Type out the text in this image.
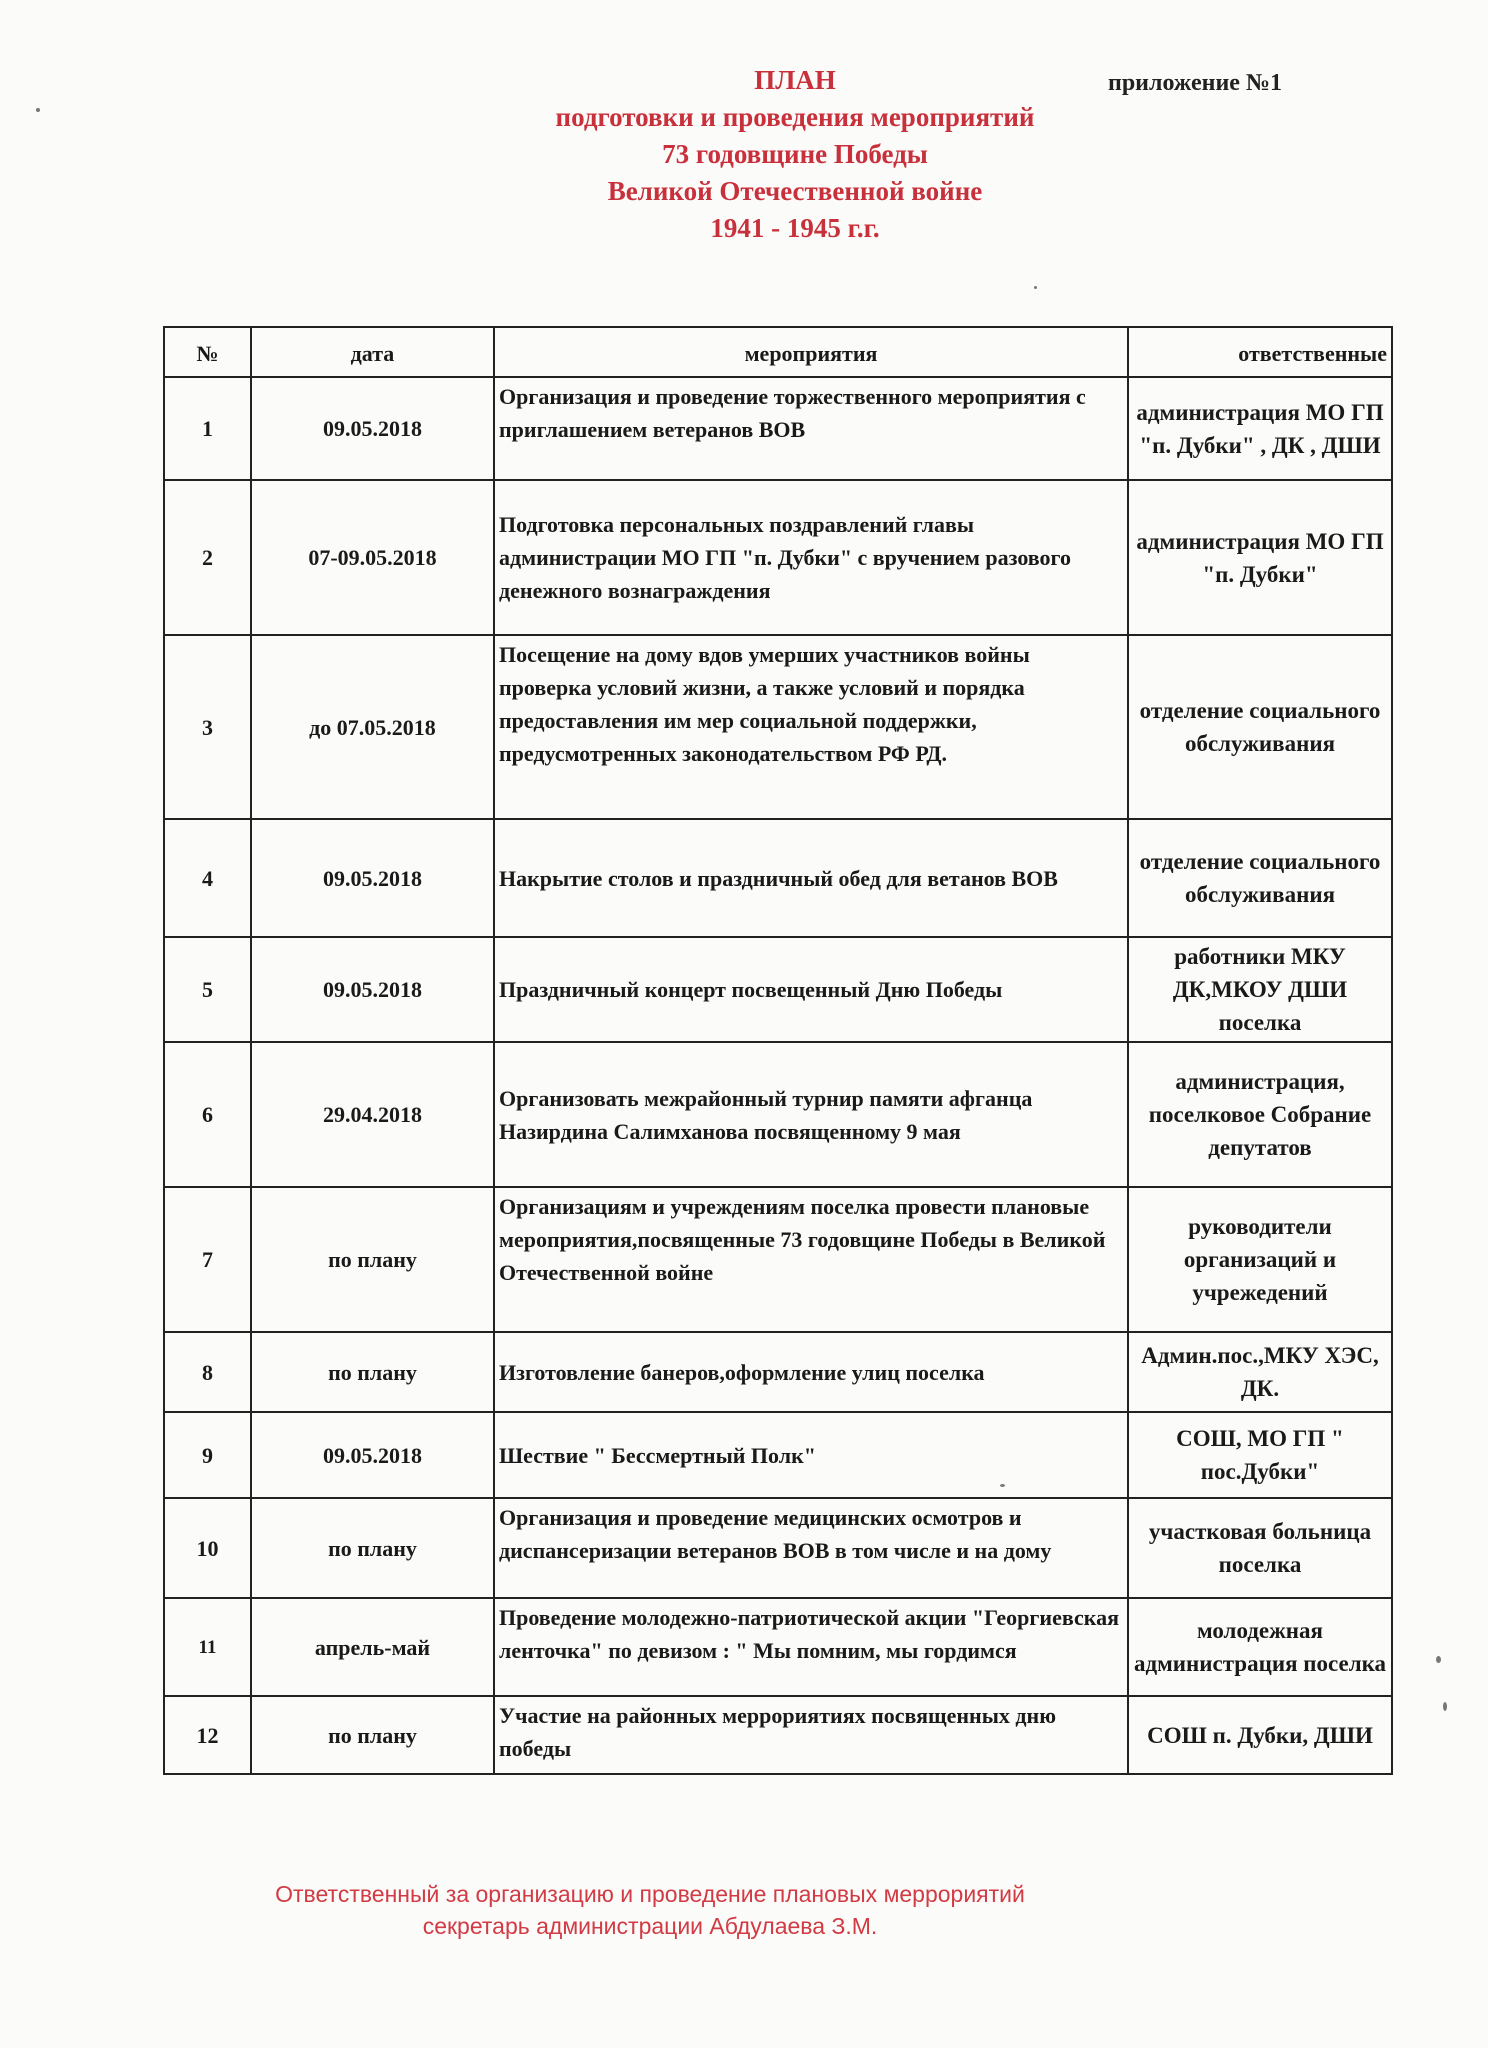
ПЛАН
подготовки и проведения мероприятий
73 годовщине Победы
Великой Отечественной войне
1941 - 1945 г.г.
приложение №1
№	дата	мероприятия	ответственные
1	09.05.2018	Организация и проведение торжественного мероприятия с приглашением ветеранов ВОВ	администрация МО ГП "п. Дубки" , ДК , ДШИ
2	07-09.05.2018	Подготовка персональных поздравлений главы администрации МО ГП "п. Дубки" с вручением разового денежного вознаграждения	администрация МО ГП "п. Дубки"
3	до 07.05.2018	Посещение на дому вдов умерших участников войны проверка условий жизни, а также условий и порядка предоставления им мер социальной поддержки, предусмотренных законодательством РФ РД.	отделение социального обслуживания
4	09.05.2018	Накрытие столов и праздничный обед для ветанов ВОВ	отделение социального обслуживания
5	09.05.2018	Праздничный концерт посвещенный Дню Победы	работники МКУ ДК,МКОУ ДШИ поселка
6	29.04.2018	Организовать межрайонный турнир памяти афганца Назирдина Салимханова посвященному 9 мая	администрация, поселковое Собрание депутатов
7	по плану	Организациям и учреждениям поселка провести плановые мероприятия,посвященные 73 годовщине Победы в Великой Отечественной войне	руководители организаций и учрежедений
8	по плану	Изготовление банеров,оформление улиц поселка	Админ.пос.,МКУ ХЭС, ДК.
9	09.05.2018	Шествие " Бессмертный Полк"	СОШ, МО ГП " пос.Дубки"
10	по плану	Организация и проведение медицинских осмотров и диспансеризации ветеранов ВОВ в том числе и на дому	участковая больница поселка
11	апрель-май	Проведение молодежно-патриотической акции "Георгиевская ленточка" по девизом : " Мы помним, мы гордимся	молодежная администрация поселка
12	по плану	Участие на районных меррориятиях посвященных дню победы	СОШ п. Дубки, ДШИ
Ответственный за организацию и проведение плановых меррориятий
секретарь администрации Абдулаева З.М.
